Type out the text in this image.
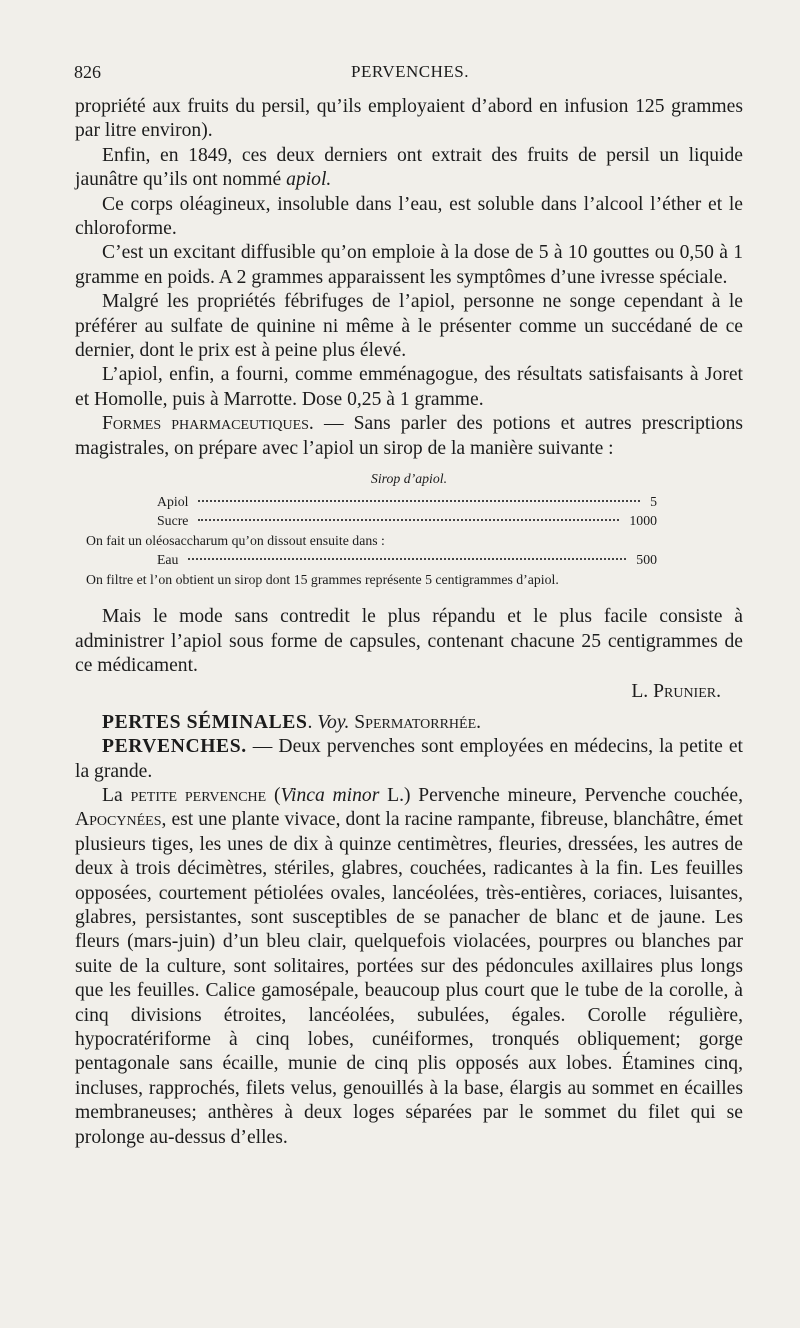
826	PERVENCHES.

propriété aux fruits du persil, qu’ils employaient d’abord en infusion 125 grammes par litre environ).

Enfin, en 1849, ces deux derniers ont extrait des fruits de persil un liquide jaunâtre qu’ils ont nommé apiol.

Ce corps oléagineux, insoluble dans l’eau, est soluble dans l’alcool l’éther et le chloroforme.

C’est un excitant diffusible qu’on emploie à la dose de 5 à 10 gouttes ou 0,50 à 1 gramme en poids. A 2 grammes apparaissent les symptômes d’une ivresse spéciale.

Malgré les propriétés fébrifuges de l’apiol, personne ne songe cependant à le préférer au sulfate de quinine ni même à le présenter comme un succédané de ce dernier, dont le prix est à peine plus élevé.

L’apiol, enfin, a fourni, comme emménagogue, des résultats satisfaisants à Joret et Homolle, puis à Marrotte. Dose 0,25 à 1 gramme.

Formes pharmaceutiques. — Sans parler des potions et autres prescriptions magistrales, on prépare avec l’apiol un sirop de la manière suivante :

Sirop d’apiol.
Apiol	5
Sucre	1000
On fait un oléosaccharum qu’on dissout ensuite dans :
Eau	500
On filtre et l’on obtient un sirop dont 15 grammes représente 5 centigrammes d’apiol.

Mais le mode sans contredit le plus répandu et le plus facile consiste à administrer l’apiol sous forme de capsules, contenant chacune 25 centigrammes de ce médicament.

L. Prunier.

PERTES SÉMINALES. Voy. Spermatorrhée.

PERVENCHES. — Deux pervenches sont employées en médecins, la petite et la grande.

La petite pervenche (Vinca minor L.) Pervenche mineure, Pervenche couchée, Apocynées, est une plante vivace, dont la racine rampante, fibreuse, blanchâtre, émet plusieurs tiges, les unes de dix à quinze centimètres, fleuries, dressées, les autres de deux à trois décimètres, stériles, glabres, couchées, radicantes à la fin. Les feuilles opposées, courtement pétiolées ovales, lancéolées, très-entières, coriaces, luisantes, glabres, persistantes, sont susceptibles de se panacher de blanc et de jaune. Les fleurs (mars-juin) d’un bleu clair, quelquefois violacées, pourpres ou blanches par suite de la culture, sont solitaires, portées sur des pédoncules axillaires plus longs que les feuilles. Calice gamosépale, beaucoup plus court que le tube de la corolle, à cinq divisions étroites, lancéolées, subulées, égales. Corolle régulière, hypocratériforme à cinq lobes, cunéiformes, tronqués obliquement; gorge pentagonale sans écaille, munie de cinq plis opposés aux lobes. Étamines cinq, incluses, rapprochés, filets velus, genouillés à la base, élargis au sommet en écailles membraneuses; anthères à deux loges séparées par le sommet du filet qui se prolonge au-dessus d’elles.
